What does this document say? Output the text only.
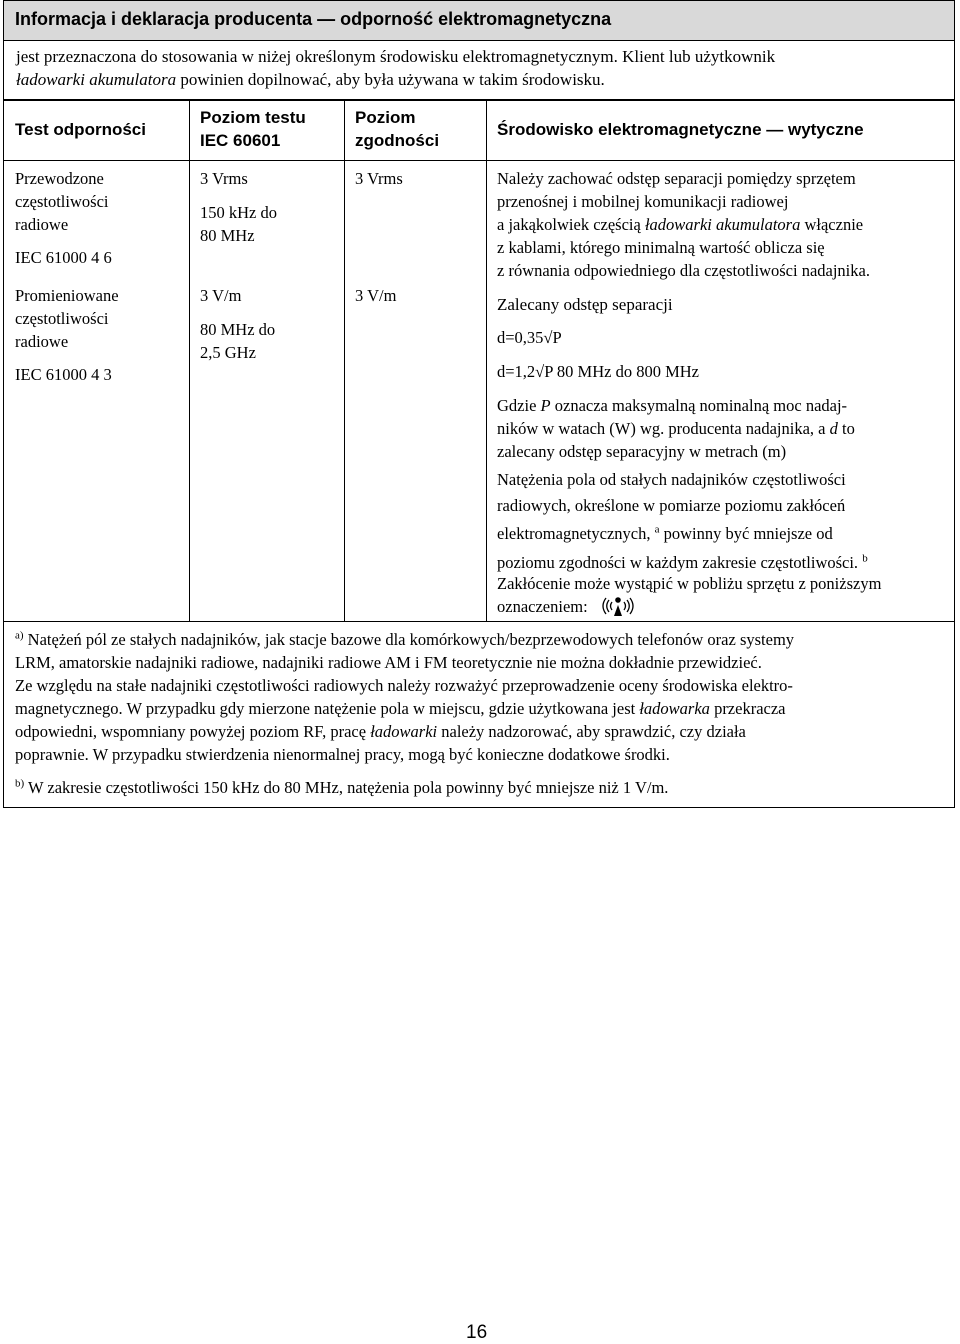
Informacja i deklaracja producenta — odporność elektromagnetyczna
jest przeznaczona do stosowania w niżej określonym środowisku elektromagnetycznym. Klient lub użytkownik
ładowarki akumulatora powinien dopilnować, aby była używana w takim środowisku.
Test odporności
Poziom testu
IEC 60601
Poziom
zgodności
Środowisko elektromagnetyczne — wytyczne
Przewodzone
częstotliwości
radiowe
IEC 61000 4 6
3 Vrms
150 kHz do
80 MHz
3 Vrms
Promieniowane
częstotliwości
radiowe
IEC 61000 4 3
3 V/m
80 MHz do
2,5 GHz
3 V/m
Należy zachować odstęp separacji pomiędzy sprzętem
przenośnej i mobilnej komunikacji radiowej
a jakąkolwiek częścią ładowarki akumulatora włącznie
z kablami, którego minimalną wartość oblicza się
z równania odpowiedniego dla częstotliwości nadajnika.
Zalecany odstęp separacji
d=0,35√P
d=1,2√P 80 MHz do 800 MHz
Gdzie P oznacza maksymalną nominalną moc nadaj-
ników w watach (W) wg. producenta nadajnika, a d to
zalecany odstęp separacyjny w metrach (m)
Natężenia pola od stałych nadajników częstotliwości
radiowych, określone w pomiarze poziomu zakłóceń
elektromagnetycznych, $^a$ powinny być mniejsze od
poziomu zgodności w każdym zakresie częstotliwości. $^b$
Zakłócenie może wystąpić w pobliżu sprzętu z poniższym
oznaczeniem:
$^{a)}$ Natężeń pól ze stałych nadajników, jak stacje bazowe dla komórkowych/bezprzewodowych telefonów oraz systemy
LRM, amatorskie nadajniki radiowe, nadajniki radiowe AM i FM teoretycznie nie można dokładnie przewidzieć.
Ze względu na stałe nadajniki częstotliwości radiowych należy rozważyć przeprowadzenie oceny środowiska elektro-
magnetycznego. W przypadku gdy mierzone natężenie pola w miejscu, gdzie użytkowana jest ładowarka przekracza
odpowiedni, wspomniany powyżej poziom RF, pracę ładowarki należy nadzorować, aby sprawdzić, czy działa
poprawnie. W przypadku stwierdzenia nienormalnej pracy, mogą być konieczne dodatkowe środki.
$^{b)}$ W zakresie częstotliwości 150 kHz do 80 MHz, natężenia pola powinny być mniejsze niż 1 V/m.
16
